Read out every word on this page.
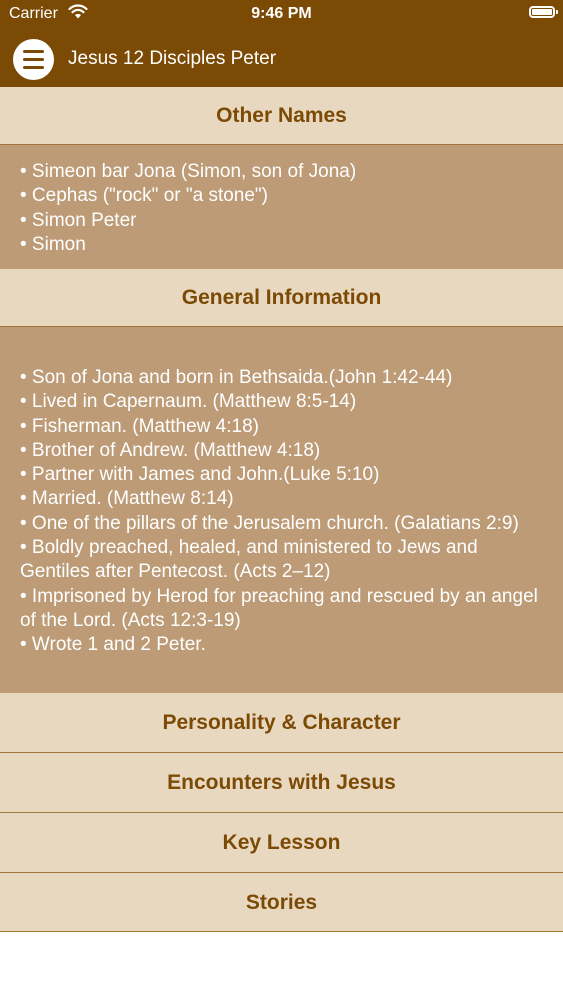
Carrier	9:46 PM
Jesus 12 Disciples Peter
Other Names

• Simeon bar Jona (Simon, son of Jona)

• Cephas ("rock" or "a stone")

• Simon Peter

• Simon

General Information

• Son of Jona and born in Bethsaida.(John 1:42-44)

• Lived in Capernaum. (Matthew 8:5-14)

• Fisherman. (Matthew 4:18)

• Brother of Andrew. (Matthew 4:18)

• Partner with James and John.(Luke 5:10)

• Married. (Matthew 8:14)

• One of the pillars of the Jerusalem church. (Galatians 2:9)

• Boldly preached, healed, and ministered to Jews and Gentiles after Pentecost. (Acts 2–12)

• Imprisoned by Herod for preaching and rescued by an angel of the Lord. (Acts 12:3-19)

• Wrote 1 and 2 Peter.

Personality & Character
Encounters with Jesus
Key Lesson
Stories
